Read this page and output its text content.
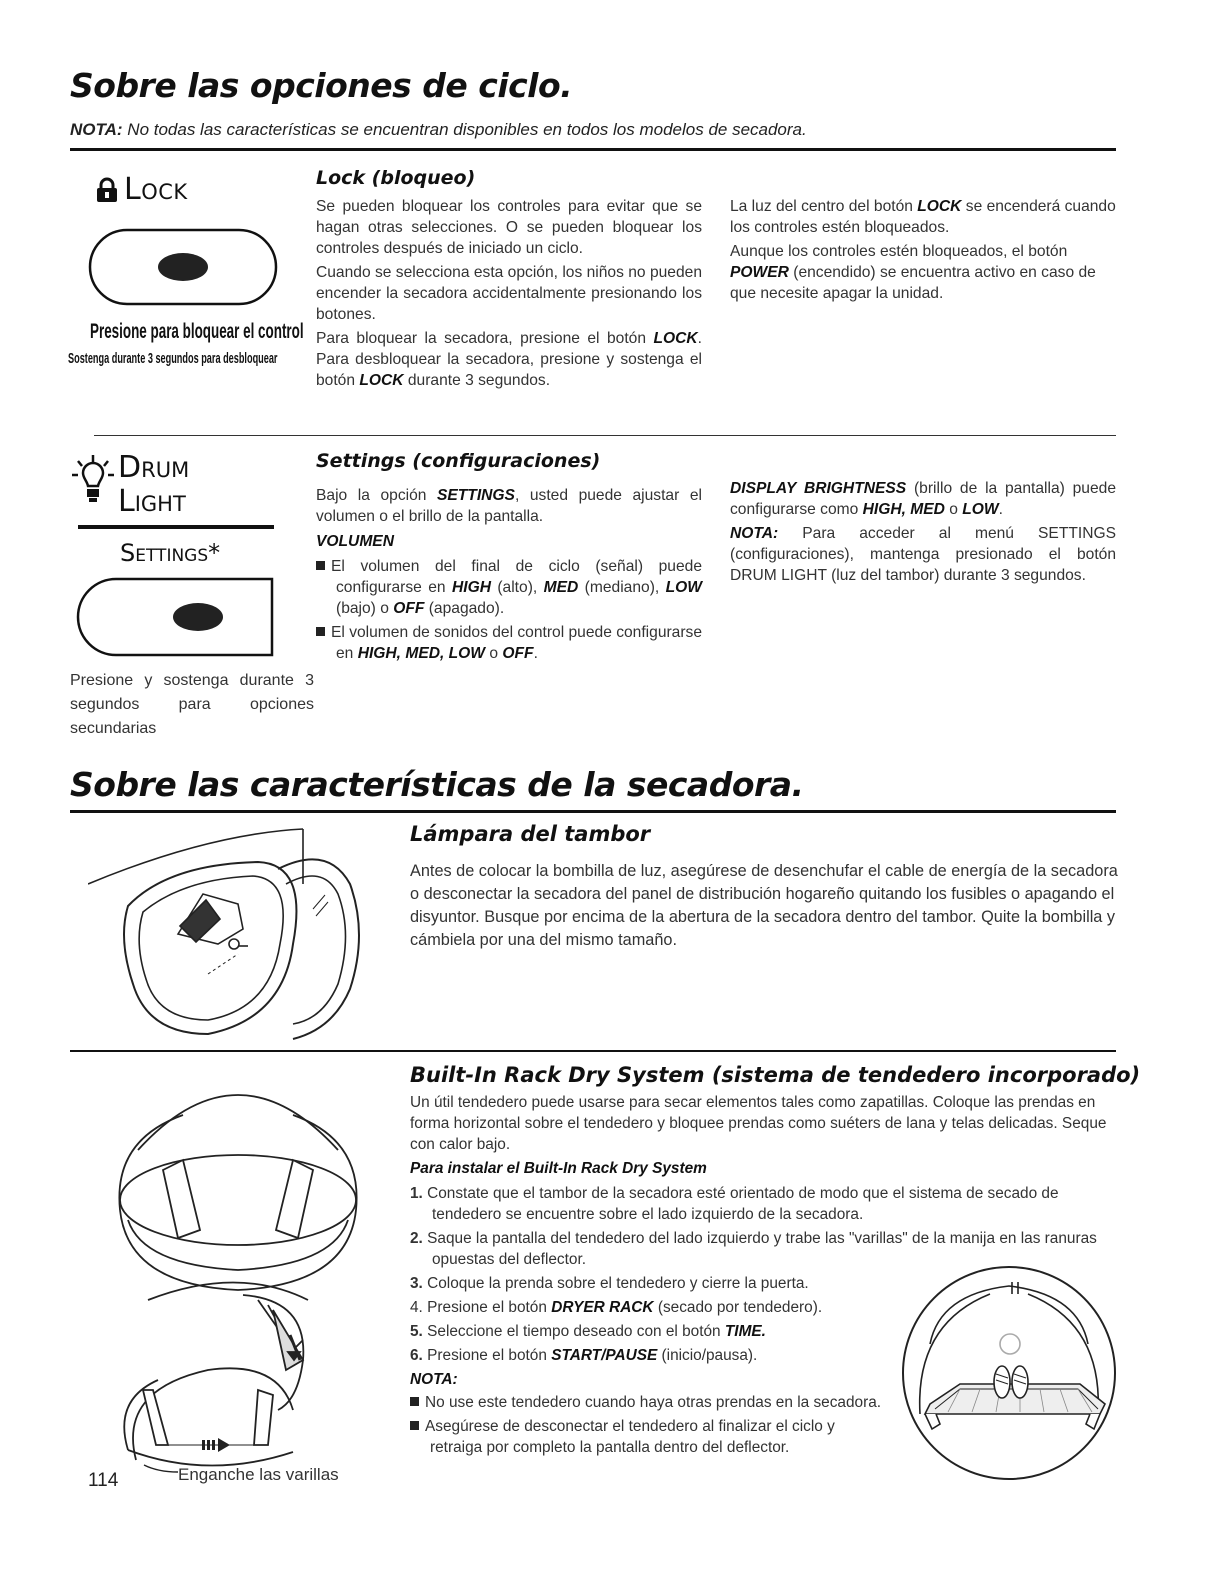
Sobre las opciones de ciclo.
NOTA: No todas las características se encuentran disponibles en todos los modelos de secadora.
Lock
Presione para bloquear el control
Sostenga durante 3 segundos para desbloquear
Lock (bloqueo)

Se pueden bloquear los controles para evitar que se hagan otras selecciones. O se pueden bloquear los controles después de iniciado un ciclo.

Cuando se selecciona esta opción, los niños no pueden encender la secadora accidentalmente presionando los botones.

Para bloquear la secadora, presione el botón LOCK. Para desbloquear la secadora, presione y sostenga el botón LOCK durante 3 segundos.

La luz del centro del botón LOCK se encenderá cuando los controles estén bloqueados.

Aunque los controles estén bloqueados, el botón POWER (encendido) se encuentra activo en caso de que necesite apagar la unidad.

Drum
Light
Settings*
Presione y sostenga durante 3 segundos para opciones secundarias
Settings (configuraciones)

Bajo la opción SETTINGS, usted puede ajustar el volumen o el brillo de la pantalla.

VOLUMEN

El volumen del final de ciclo (señal) puede configurarse en HIGH (alto), MED (mediano), LOW (bajo) o OFF (apagado).

El volumen de sonidos del control puede configurarse en HIGH, MED, LOW o OFF.

DISPLAY BRIGHTNESS (brillo de la pantalla) puede configurarse como HIGH, MED o LOW.

NOTA: Para acceder al menú SETTINGS (configuraciones), mantenga presionado el botón DRUM LIGHT (luz del tambor) durante 3 segundos.

Sobre las características de la secadora.
Lámpara del tambor
Antes de colocar la bombilla de luz, asegúrese de desenchufar el cable de energía de la secadora o desconectar la secadora del panel de distribución hogareño quitando los fusibles o apagando el disyuntor. Busque por encima de la abertura de la secadora dentro del tambor. Quite la bombilla y cámbiela por una del mismo tamaño.
Enganche las varillas
114
Built-In Rack Dry System (sistema de tendedero incorporado)

Un útil tendedero puede usarse para secar elementos tales como zapatillas. Coloque las prendas en forma horizontal sobre el tendedero y bloquee prendas como suéters de lana y telas delicadas. Seque con calor bajo.

Para instalar el Built-In Rack Dry System

1. Constate que el tambor de la secadora esté orientado de modo que el sistema de secado de tendedero se encuentre sobre el lado izquierdo de la secadora.

2. Saque la pantalla del tendedero del lado izquierdo y trabe las "varillas" de la manija en las ranuras opuestas del deflector.

3. Coloque la prenda sobre el tendedero y cierre la puerta.

4. Presione el botón DRYER RACK (secado por tendedero).

5. Seleccione el tiempo deseado con el botón TIME.

6. Presione el botón START/PAUSE (inicio/pausa).

NOTA:

No use este tendedero cuando haya otras prendas en la secadora.

Asegúrese de desconectar el tendedero al finalizar el ciclo y retraiga por completo la pantalla dentro del deflector.
